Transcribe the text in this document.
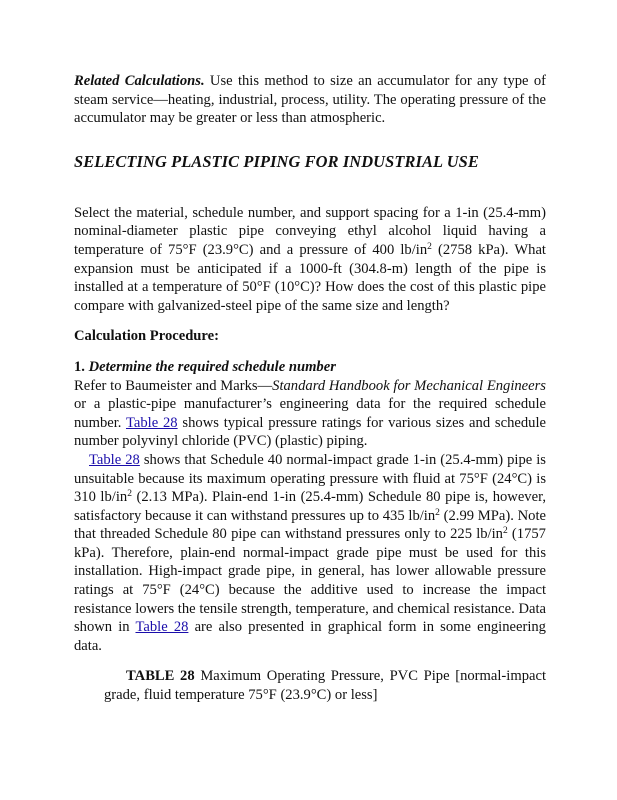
Related Calculations. Use this method to size an accumulator for any type of steam service—heating, industrial, process, utility. The operating pressure of the accumulator may be greater or less than atmospheric.

SELECTING PLASTIC PIPING FOR INDUSTRIAL USE

Select the material, schedule number, and support spacing for a 1-in (25.4-mm) nominal-diameter plastic pipe conveying ethyl alcohol liquid having a temperature of 75°F (23.9°C) and a pressure of 400 $lb/in^2$ (2758 kPa). What expansion must be anticipated if a 1000-ft (304.8-m) length of the pipe is installed at a temperature of 50°F (10°C)? How does the cost of this plastic pipe compare with galvanized-steel pipe of the same size and length?

Calculation Procedure:

1. Determine the required schedule number

Refer to Baumeister and Marks—Standard Handbook for Mechanical Engineers or a plastic-pipe manufacturer’s engineering data for the required schedule number. Table 28 shows typical pressure ratings for various sizes and schedule number polyvinyl chloride (PVC) (plastic) piping.

Table 28 shows that Schedule 40 normal-impact grade 1-in (25.4-mm) pipe is unsuitable because its maximum operating pressure with fluid at 75°F (24°C) is 310 $lb/in^2$ (2.13 MPa). Plain-end 1-in (25.4-mm) Schedule 80 pipe is, however, satisfactory because it can withstand pressures up to 435 $lb/in^2$ (2.99 MPa). Note that threaded Schedule 80 pipe can withstand pressures only to 225 $lb/in^2$ (1757 kPa). Therefore, plain-end normal-impact grade pipe must be used for this installation. High-impact grade pipe, in general, has lower allowable pressure ratings at 75°F (24°C) because the additive used to increase the impact resistance lowers the tensile strength, temperature, and chemical resistance. Data shown in Table 28 are also presented in graphical form in some engineering data.

TABLE 28 Maximum Operating Pressure, PVC Pipe [normal-impact grade, fluid temperature 75°F (23.9°C) or less]
